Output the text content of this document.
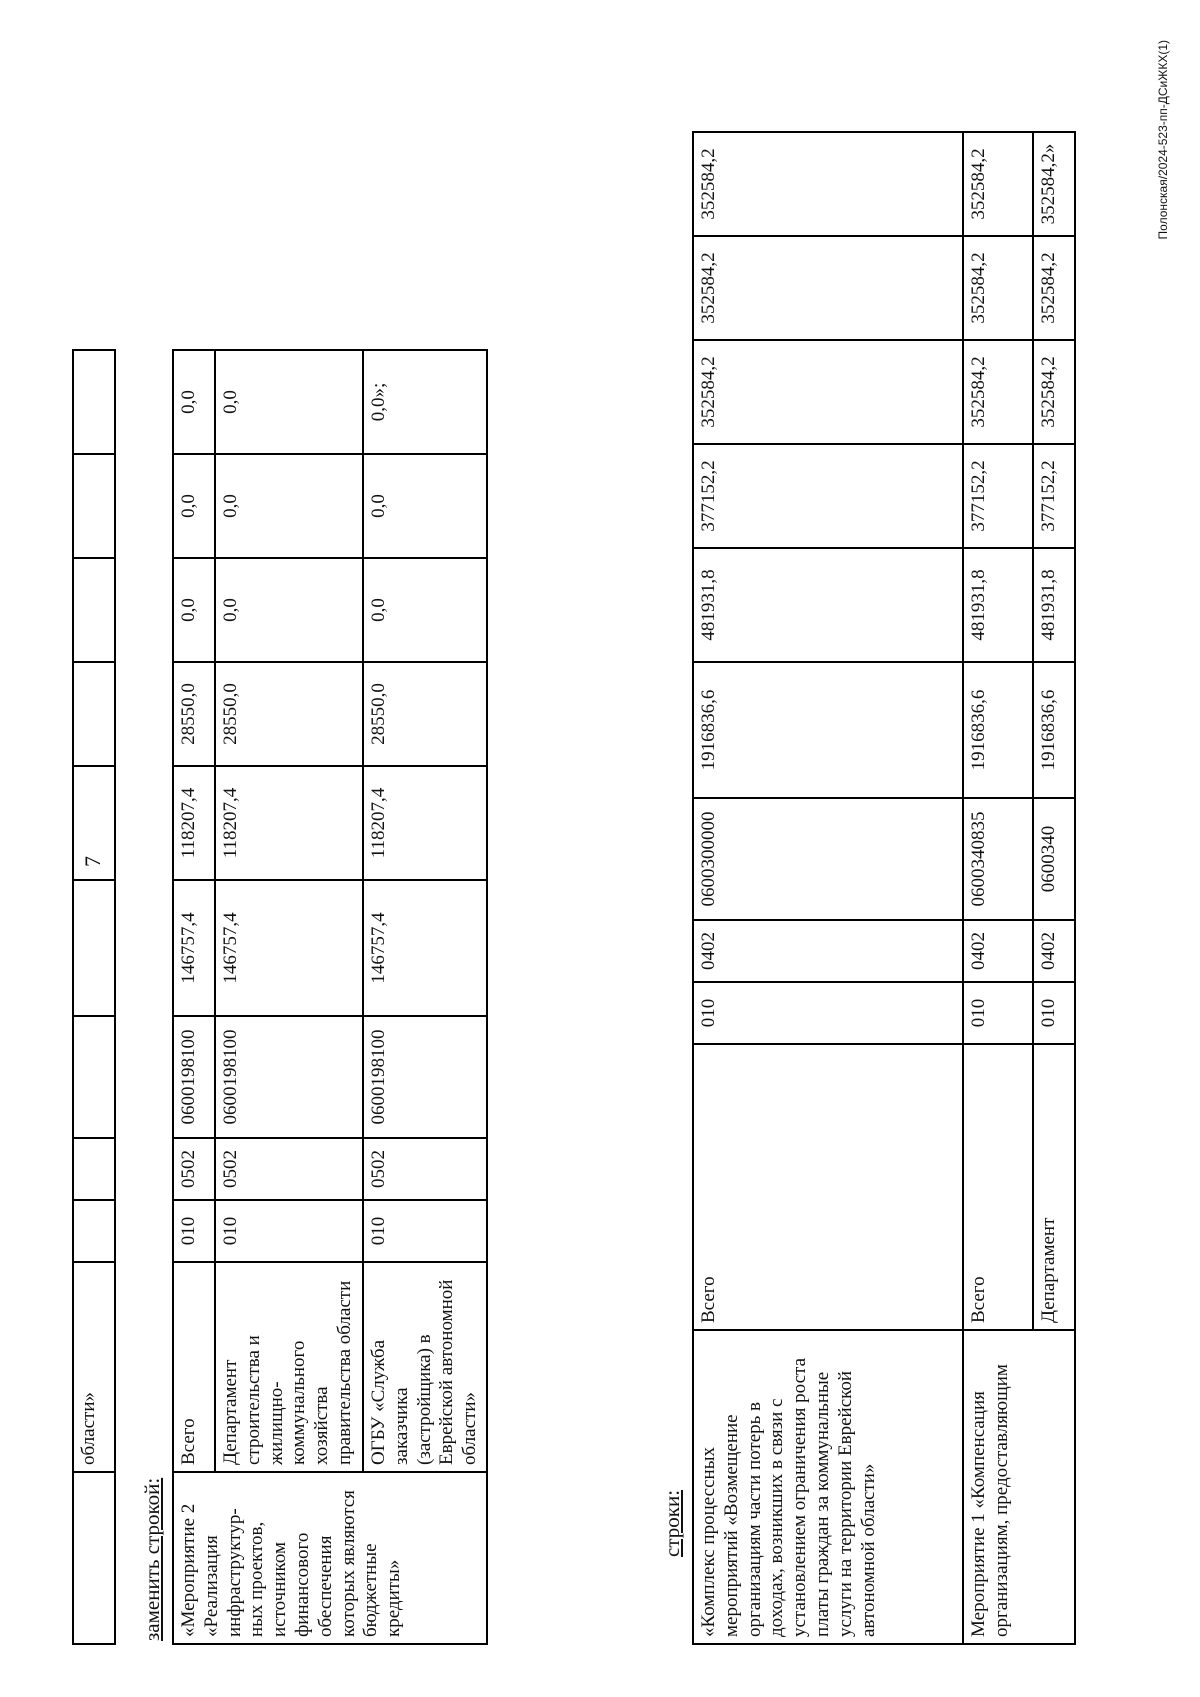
7
	области»									
заменить строкой: «Мероприятие 2 «Реализация инфраструктур-ных проектов, источником финансового обеспечения которых являются бюджетные кредиты»	Всего	010	0502	0600198100	146757,4	118207,4	28550,0	0,0	0,0	0,0
	Департамент строительства и жилищно-коммунального хозяйства правительства области	010	0502	0600198100	146757,4	118207,4	28550,0	0,0	0,0	0,0
	ОГБУ «Служба заказчика (застройщика) в Еврейской автономной области»	010	0502	0600198100	146757,4	118207,4	28550,0	0,0	0,0	0,0»;
строки: «Комплекс процессных мероприятий «Возмещение организациям части потерь в доходах, возникших в связи с установлением ограничения роста платы граждан за коммунальные услуги на территории Еврейской автономной области»	Всего	010	0402	0600300000	1916836,6	481931,8	377152,2	352584,2	352584,2	352584,2
Мероприятие 1 «Компенсация организациям, предоставляющим	Всего	010	0402	0600340835	1916836,6	481931,8	377152,2	352584,2	352584,2	352584,2
	Департамент	010	0402	0600340	1916836,6	481931,8	377152,2	352584,2	352584,2	352584,2»	Полонская/2024-523-пп-ДСиЖКХ(1)
